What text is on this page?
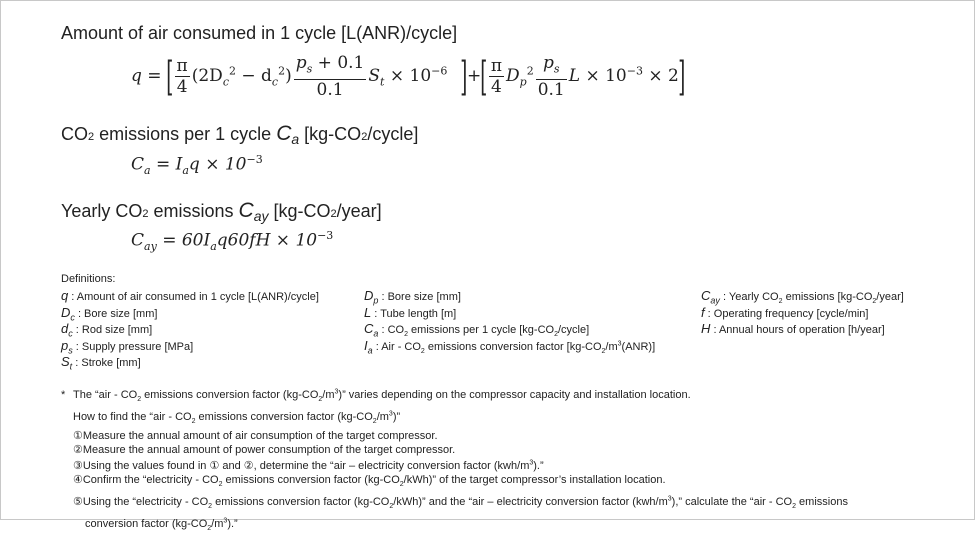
Amount of air consumed in 1 cycle [L(ANR)/cycle]
q = [ $\frac{\pi}{4} (2D_c^2 - d_c^2) \frac{p_s + 0.1}{0.1} S_t \times 10^{-6}$ ]+[ $\frac{\pi}{4} D_p^2 \frac{p_s}{0.1}$ $L \times 10^{-3} \times 2$]
CO2 emissions per 1 cycle $C_a$ [kg-CO2/cycle]
$C_a = I_aq \times 10^{-3}$
Yearly CO2 emissions $C_{ay}$ [kg-CO2/year]
$C_{ay} = 60I_aq60fH \times 10^{-3}$
Definitions:
q : Amount of air consumed in 1 cycle [L(ANR)/cycle]
$D_c$ : Bore size [mm]
$d_c$ : Rod size [mm]
$p_s$ : Supply pressure [MPa]
$S_t$ : Stroke [mm]
$D_p$ : Bore size [mm]
L : Tube length [m]
$C_a$ : $CO_2$ emissions per 1 cycle $[kg-CO_2/cycle]$
$I_a$ : Air - $CO_2$ emissions conversion factor $[kg-CO_2/m^3(ANR)]$
$C_{ay}$ : Yearly $CO_2$ emissions $[kg-CO_2/year]$
f : Operating frequency [cycle/min]
H : Annual hours of operation [h/year]
* The “air - $CO_2$ emissions conversion factor $(kg-CO_2/m^3)$” varies depending on the compressor capacity and installation location.
How to find the “air - $CO_2$ emissions conversion factor $(kg-CO_2/m^3)$”
①Measure the annual amount of air consumption of the target compressor.
②Measure the annual amount of power consumption of the target compressor.
③Using the values found in ① and ②, determine the “air – electricity conversion factor $(kwh/m^3)$.”
④Confirm the “electricity - $CO_2$ emissions conversion factor $(kg-CO_2/kWh)$” of the target compressor’s installation location.
⑤Using the “electricity - $CO_2$ emissions conversion factor $(kg-CO_2/kWh)$” and the “air – electricity conversion factor $(kwh/m^3)$,” calculate the “air - $CO_2$ emissions
conversion factor $(kg-CO_2/m^3)$.”
